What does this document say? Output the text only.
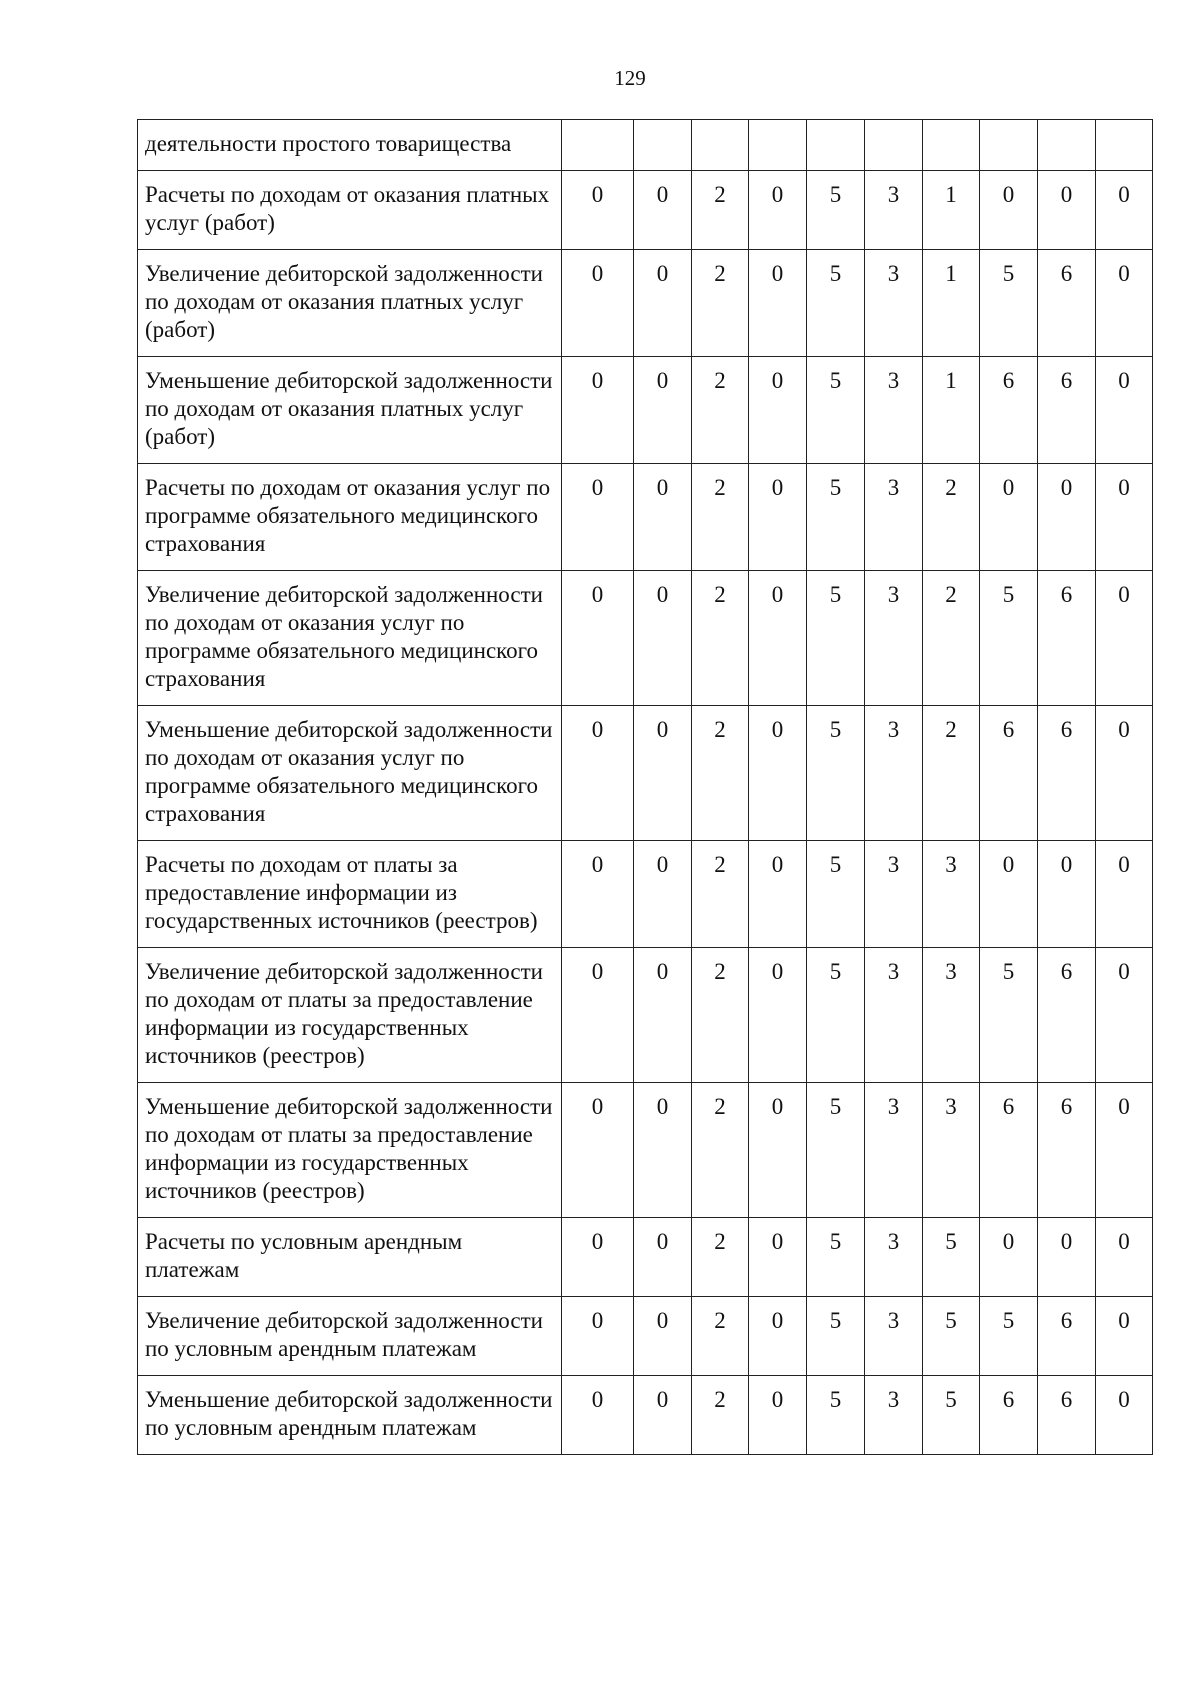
129
деятельности простого товарищества										
Расчеты по доходам от оказания платных услуг (работ)	0	0	2	0	5	3	1	0	0	0
Увеличение дебиторской задолженности по доходам от оказания платных услуг (работ)	0	0	2	0	5	3	1	5	6	0
Уменьшение дебиторской задолженности по доходам от оказания платных услуг (работ)	0	0	2	0	5	3	1	6	6	0
Расчеты по доходам от оказания услуг по программе обязательного медицинского страхования	0	0	2	0	5	3	2	0	0	0
Увеличение дебиторской задолженности по доходам от оказания услуг по программе обязательного медицинского страхования	0	0	2	0	5	3	2	5	6	0
Уменьшение дебиторской задолженности по доходам от оказания услуг по программе обязательного медицинского страхования	0	0	2	0	5	3	2	6	6	0
Расчеты по доходам от платы за предоставление информации из государственных источников (реестров)	0	0	2	0	5	3	3	0	0	0
Увеличение дебиторской задолженности по доходам от платы за предоставление информации из государственных источников (реестров)	0	0	2	0	5	3	3	5	6	0
Уменьшение дебиторской задолженности по доходам от платы за предоставление информации из государственных источников (реестров)	0	0	2	0	5	3	3	6	6	0
Расчеты по условным арендным платежам	0	0	2	0	5	3	5	0	0	0
Увеличение дебиторской задолженности по условным арендным платежам	0	0	2	0	5	3	5	5	6	0
Уменьшение дебиторской задолженности по условным арендным платежам	0	0	2	0	5	3	5	6	6	0
